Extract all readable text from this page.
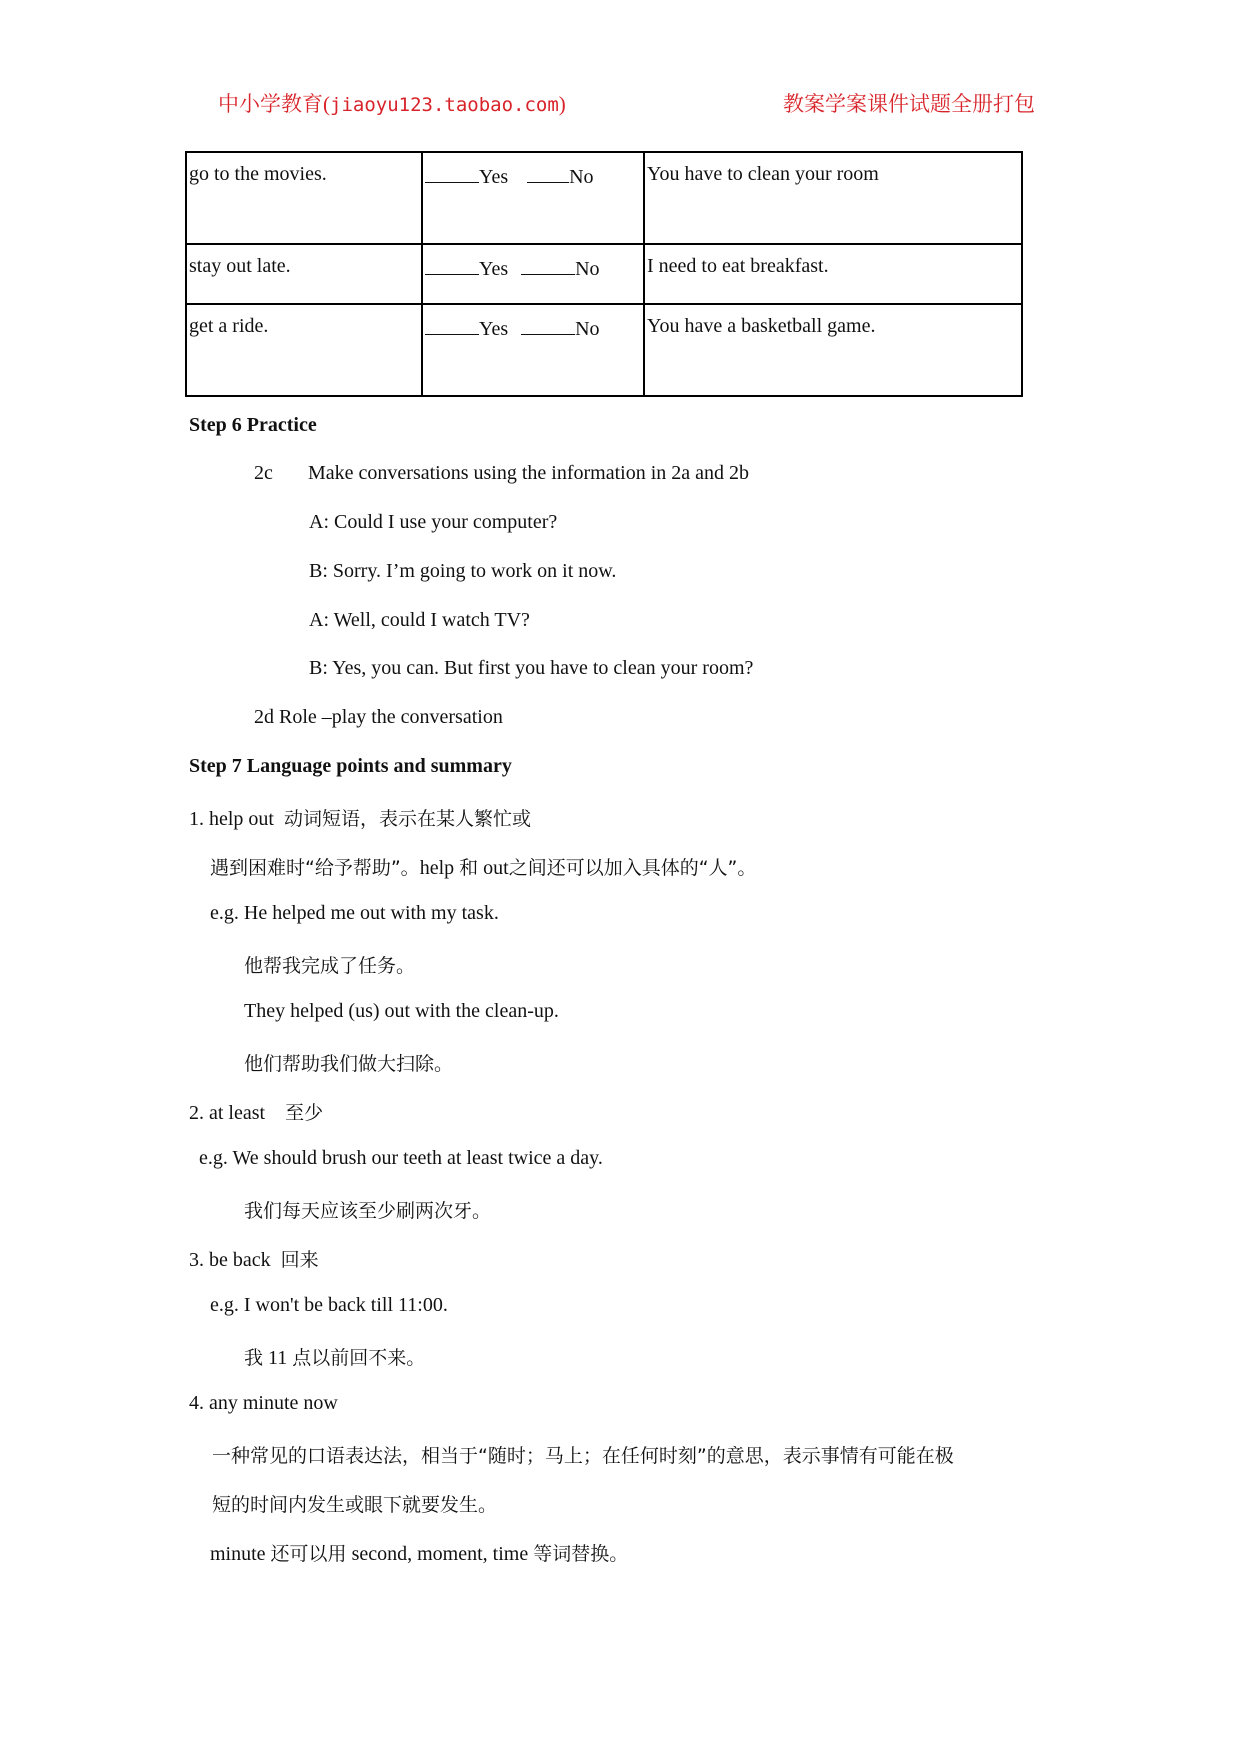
中小学教育(jiaoyu123.taobao.com)	教案学案课件试题全册打包
go to the movies.	Yes No	You have to clean your room
stay out late.	Yes No	I need to eat breakfast.
get a ride.	Yes No	You have a basketball game.
Step 6 Practice
2c Make conversations using the information in 2a and 2b
A: Could I use your computer?
B: Sorry. I’m going to work on it now.
A: Well, could I watch TV?
B: Yes, you can. But first you have to clean your room?
2d Role –play the conversation
Step 7 Language points and summary
1. help out 动词短语，表示在某人繁忙或
遇到困难时“给予帮助”。help 和 out之间还可以加入具体的“人”。
e.g. He helped me out with my task.
他帮我完成了任务。
They helped (us) out with the clean-up.
他们帮助我们做大扫除。
2. at least 至少
e.g. We should brush our teeth at least twice a day.
我们每天应该至少刷两次牙。
3. be back 回来
e.g. I won't be back till 11:00.
我 11 点以前回不来。
4. any minute now
一种常见的口语表达法，相当于“随时；马上；在任何时刻”的意思，表示事情有可能在极
短的时间内发生或眼下就要发生。
minute 还可以用 second, moment, time 等词替换。
